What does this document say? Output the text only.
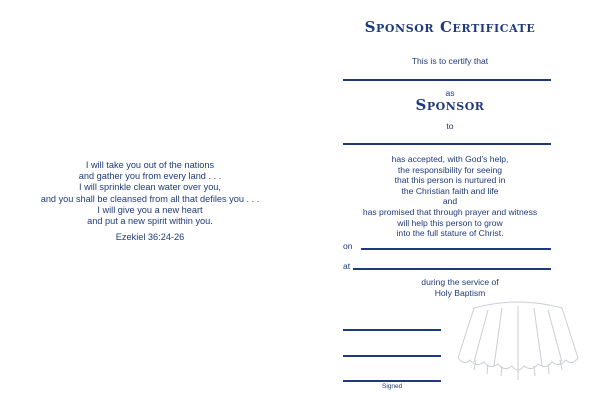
I will take you out of the nations
and gather you from every land . . .
I will sprinkle clean water over you,
and you shall be cleansed from all that defiles you . . .
I will give you a new heart
and put a new spirit within you.
Ezekiel 36:24-26
Sponsor Certificate
This is to certify that
as
Sponsor
to
has accepted, with God’s help,
the responsibility for seeing
that this person is nurtured in
the Christian faith and life
and
has promised that through prayer and witness
will help this person to grow
into the full stature of Christ.
on
at
during the service of
Holy Baptism
Signed
